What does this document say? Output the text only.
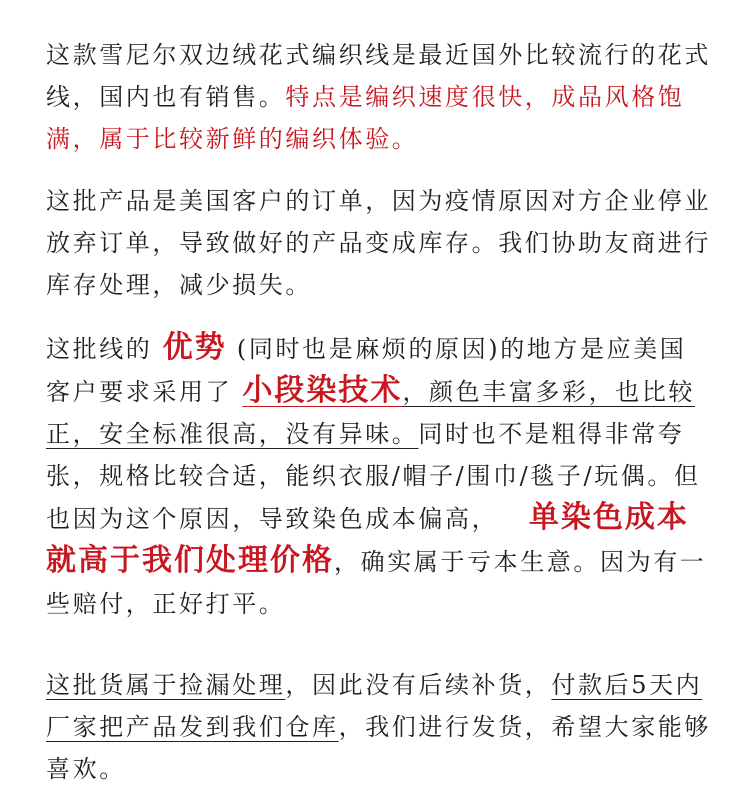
这款雪尼尔双边绒花式编织线是最近国外比较流行的花式线，国内也有销售。特点是编织速度很快，成品风格饱满，属于比较新鲜的编织体验。

这批产品是美国客户的订单，因为疫情原因对方企业停业放弃订单，导致做好的产品变成库存。我们协助友商进行库存处理，减少损失。

这批线的 优势 (同时也是麻烦的原因)的地方是应美国客户要求采用了 小段染技术，颜色丰富多彩，也比较正，安全标准很高，没有异味。同时也不是粗得非常夸张，规格比较合适，能织衣服/帽子/围巾/毯子/玩偶。但也因为这个原因，导致染色成本偏高， 单染色成本就高于我们处理价格，确实属于亏本生意。因为有一些赔付，正好打平。

这批货属于捡漏处理，因此没有后续补货，付款后5天内厂家把产品发到我们仓库，我们进行发货，希望大家能够喜欢。
